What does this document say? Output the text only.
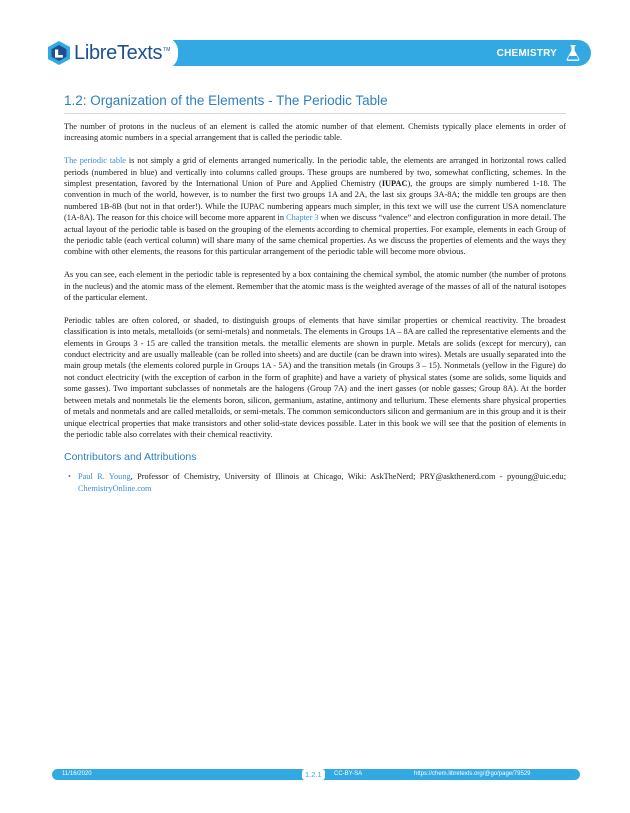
LibreTexts TM	CHEMISTRY
1.2: Organization of the Elements - The Periodic Table

The number of protons in the nucleus of an element is called the atomic number of that element. Chemists typically place elements in order of increasing atomic numbers in a special arrangement that is called the periodic table.

The periodic table is not simply a grid of elements arranged numerically. In the periodic table, the elements are arranged in horizontal rows called periods (numbered in blue) and vertically into columns called groups. These groups are numbered by two, somewhat conflicting, schemes. In the simplest presentation, favored by the International Union of Pure and Applied Chemistry (IUPAC), the groups are simply numbered 1-18. The convention in much of the world, however, is to number the first two groups 1A and 2A, the last six groups 3A-8A; the middle ten groups are then numbered 1B-8B (but not in that order!). While the IUPAC numbering appears much simpler, in this text we will use the current USA nomenclature (1A-8A). The reason for this choice will become more apparent in Chapter 3 when we discuss “valence” and electron configuration in more detail. The actual layout of the periodic table is based on the grouping of the elements according to chemical properties. For example, elements in each Group of the periodic table (each vertical column) will share many of the same chemical properties. As we discuss the properties of elements and the ways they combine with other elements, the reasons for this particular arrangement of the periodic table will become more obvious.

As you can see, each element in the periodic table is represented by a box containing the chemical symbol, the atomic number (the number of protons in the nucleus) and the atomic mass of the element. Remember that the atomic mass is the weighted average of the masses of all of the natural isotopes of the particular element.

Periodic tables are often colored, or shaded, to distinguish groups of elements that have similar properties or chemical reactivity. The broadest classification is into metals, metalloids (or semi-metals) and nonmetals. The elements in Groups 1A – 8A are called the representative elements and the elements in Groups 3 - 15 are called the transition metals. the metallic elements are shown in purple. Metals are solids (except for mercury), can conduct electricity and are usually malleable (can be rolled into sheets) and are ductile (can be drawn into wires). Metals are usually separated into the main group metals (the elements colored purple in Groups 1A - 5A) and the transition metals (in Groups 3 – 15). Nonmetals (yellow in the Figure) do not conduct electricity (with the exception of carbon in the form of graphite) and have a variety of physical states (some are solids, some liquids and some gasses). Two important subclasses of nonmetals are the halogens (Group 7A) and the inert gasses (or noble gasses; Group 8A). At the border between metals and nonmetals lie the elements boron, silicon, germanium, astatine, antimony and tellurium. These elements share physical properties of metals and nonmetals and are called metalloids, or semi-metals. The common semiconductors silicon and germanium are in this group and it is their unique electrical properties that make transistors and other solid-state devices possible. Later in this book we will see that the position of elements in the periodic table also correlates with their chemical reactivity.

Contributors and Attributions
• Paul R. Young, Professor of Chemistry, University of Illinois at Chicago, Wiki: AskTheNerd; PRY@askthenerd.com - pyoung@uic.edu; ChemistryOnline.com
11/16/2020	1.2.1	CC-BY-SA	https://chem.libretexts.org/@go/page/79529
